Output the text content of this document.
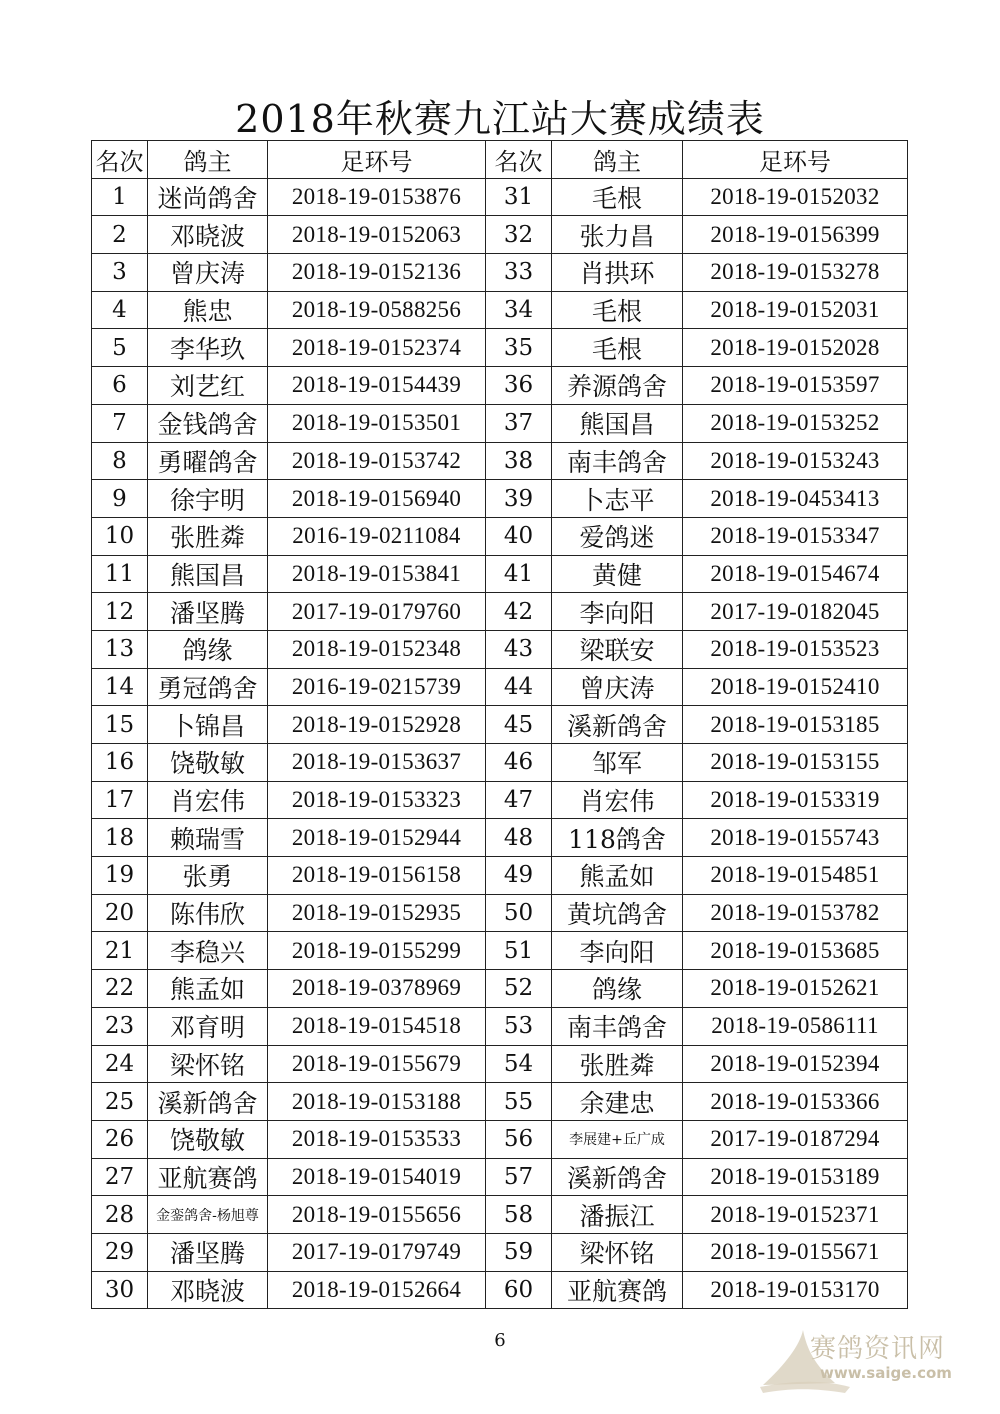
2018年秋赛九江站大赛成绩表
名次	鸽主	足环号	名次	鸽主	足环号
1	迷尚鸽舍	2018-19-0153876	31	毛根	2018-19-0152032
2	邓晓波	2018-19-0152063	32	张力昌	2018-19-0156399
3	曾庆涛	2018-19-0152136	33	肖拱环	2018-19-0153278
4	熊忠	2018-19-0588256	34	毛根	2018-19-0152031
5	李华玖	2018-19-0152374	35	毛根	2018-19-0152028
6	刘艺红	2018-19-0154439	36	养源鸽舍	2018-19-0153597
7	金钱鸽舍	2018-19-0153501	37	熊国昌	2018-19-0153252
8	勇曜鸽舍	2018-19-0153742	38	南丰鸽舍	2018-19-0153243
9	徐宇明	2018-19-0156940	39	卜志平	2018-19-0453413
10	张胜粦	2016-19-0211084	40	爱鸽迷	2018-19-0153347
11	熊国昌	2018-19-0153841	41	黄健	2018-19-0154674
12	潘坚腾	2017-19-0179760	42	李向阳	2017-19-0182045
13	鸽缘	2018-19-0152348	43	梁联安	2018-19-0153523
14	勇冠鸽舍	2016-19-0215739	44	曾庆涛	2018-19-0152410
15	卜锦昌	2018-19-0152928	45	溪新鸽舍	2018-19-0153185
16	饶敬敏	2018-19-0153637	46	邹军	2018-19-0153155
17	肖宏伟	2018-19-0153323	47	肖宏伟	2018-19-0153319
18	赖瑞雪	2018-19-0152944	48	118鸽舍	2018-19-0155743
19	张勇	2018-19-0156158	49	熊孟如	2018-19-0154851
20	陈伟欣	2018-19-0152935	50	黄坑鸽舍	2018-19-0153782
21	李稳兴	2018-19-0155299	51	李向阳	2018-19-0153685
22	熊孟如	2018-19-0378969	52	鸽缘	2018-19-0152621
23	邓育明	2018-19-0154518	53	南丰鸽舍	2018-19-0586111
24	梁怀铭	2018-19-0155679	54	张胜粦	2018-19-0152394
25	溪新鸽舍	2018-19-0153188	55	余建忠	2018-19-0153366
26	饶敬敏	2018-19-0153533	56	李展建+丘广成	2017-19-0187294
27	亚航赛鸽	2018-19-0154019	57	溪新鸽舍	2018-19-0153189
28	金銮鸽舍-杨旭尊	2018-19-0155656	58	潘振江	2018-19-0152371
29	潘坚腾	2017-19-0179749	59	梁怀铭	2018-19-0155671
30	邓晓波	2018-19-0152664	60	亚航赛鸽	2018-19-0153170
6	赛鸽资讯网
www.saige.com
